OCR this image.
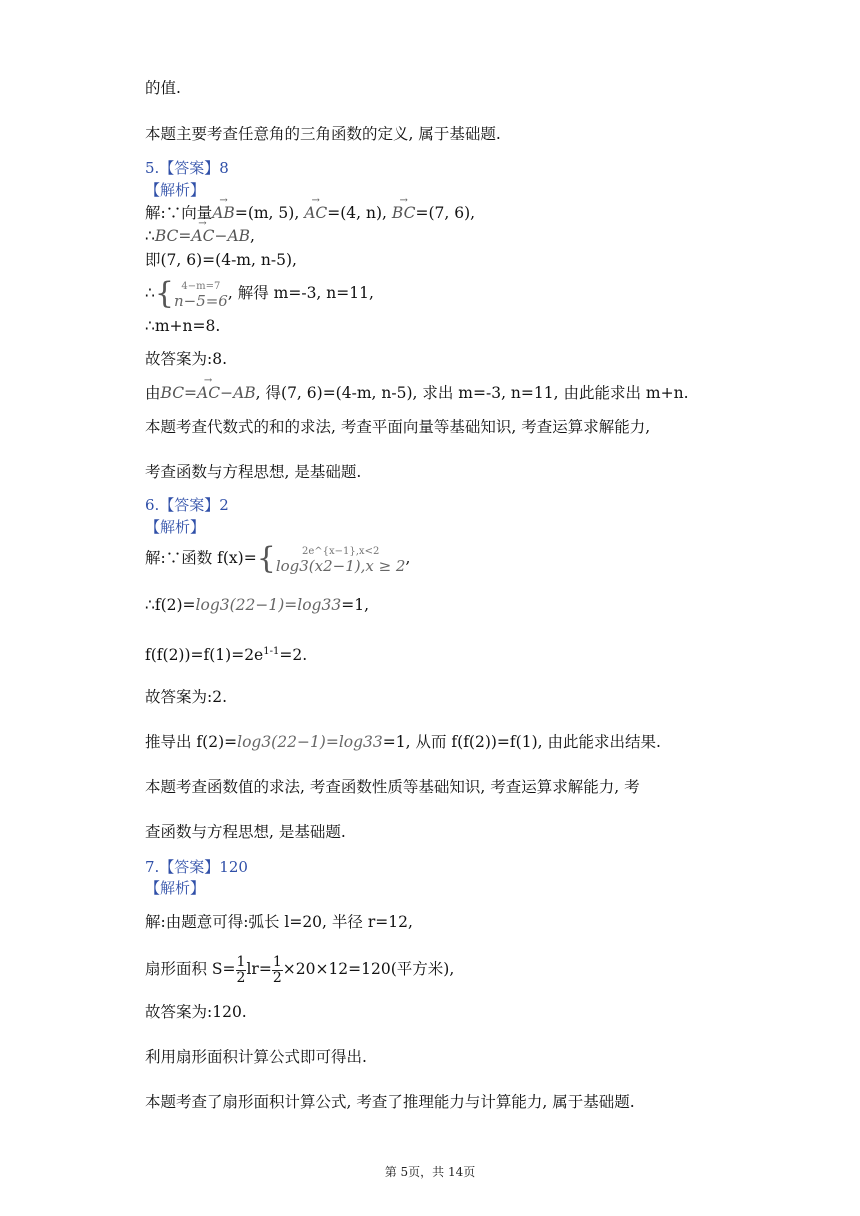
的值.
本题主要考查任意角的三角函数的定义, 属于基础题.
5.【答案】8
【解析】
解:∵向量→ AB=(m, 5), → AC=(4, n), → BC=(7, 6),
∴→ BC=AC−AB,
即(7, 6)=(4-m, n-5),
∴{ 4−m=7
n−5=6 , 解得 m=-3, n=11,
∴m+n=8.
故答案为:8.
由→ BC=AC−AB, 得(7, 6)=(4-m, n-5), 求出 m=-3, n=11, 由此能求出 m+n.
本题考查代数式的和的求法, 考查平面向量等基础知识, 考查运算求解能力,
考查函数与方程思想, 是基础题.
6.【答案】2
【解析】
解:∵函数 f(x)={	2e^{x−1},x<2
log3(x2−1),x ≥ 2 ,
∴f(2)=log3(22−1)=log33=1,
$f(f(2))=f(1)=2e^{1-1}=2$.
故答案为:2.
推导出 f(2)=log3(22−1)=log33=1, 从而 f(f(2))=f(1), 由此能求出结果.
本题考查函数值的求法, 考查函数性质等基础知识, 考查运算求解能力, 考
查函数与方程思想, 是基础题.
7.【答案】120
【解析】
解:由题意可得:弧长 l=20, 半径 r=12,
扇形面积 $S= \frac{1}{2} lr= \frac{1}{2} \times 20\times 12=120$(平方米),
故答案为:120.
利用扇形面积计算公式即可得出.
本题考查了扇形面积计算公式, 考查了推理能力与计算能力, 属于基础题.
第 5页，共 14页
